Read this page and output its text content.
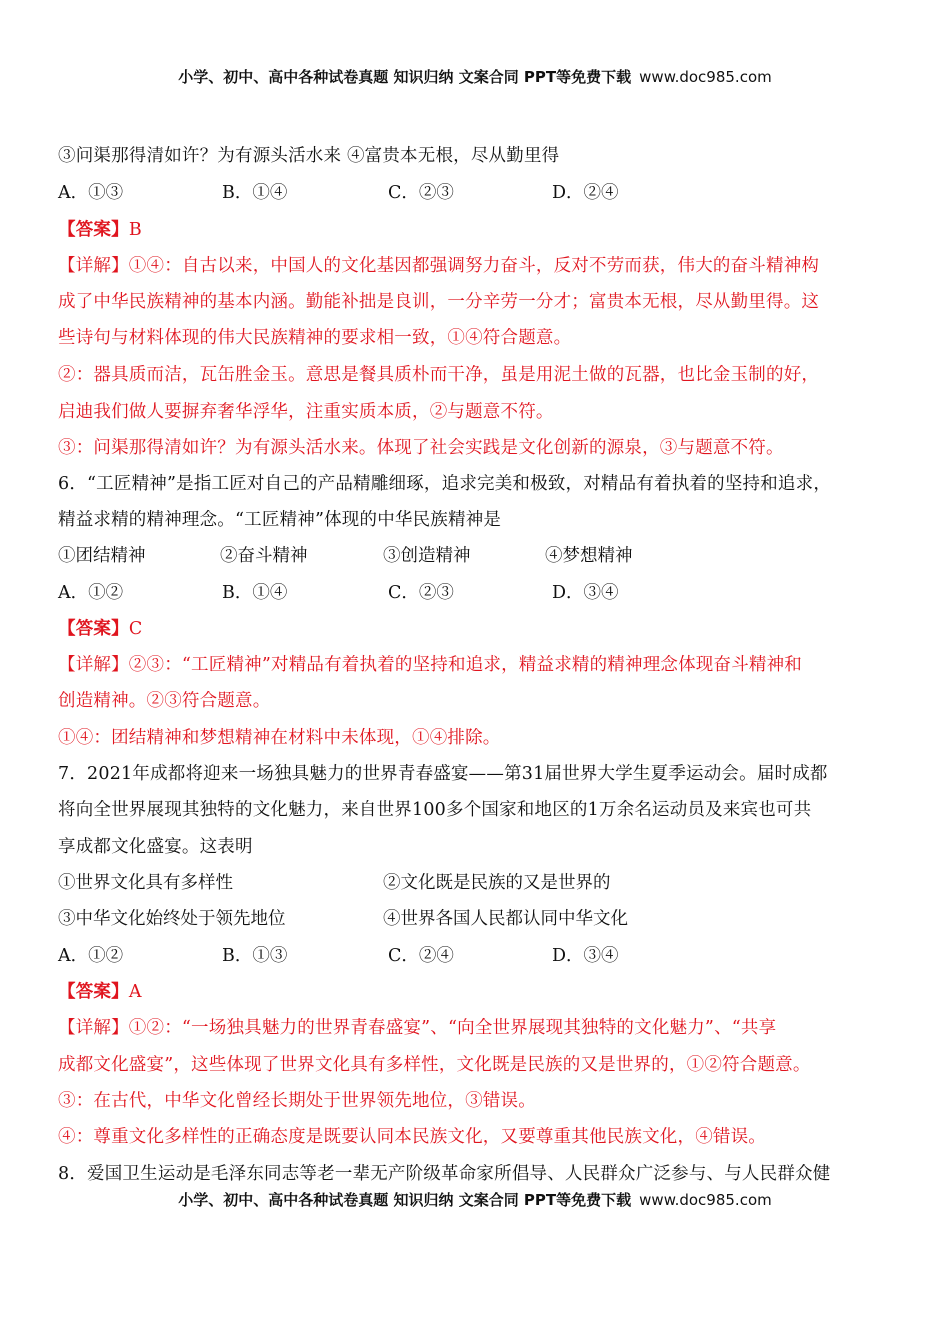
小学、初中、高中各种试卷真题 知识归纳 文案合同 PPT等免费下载 www.doc985.com
③问渠那得清如许？为有源头活水来 ④富贵本无根，尽从勤里得
A．①③	B．①④	C．②③	D．②④
【答案】B
【详解】①④：自古以来，中国人的文化基因都强调努力奋斗，反对不劳而获，伟大的奋斗精神构
成了中华民族精神的基本内涵。勤能补拙是良训，一分辛劳一分才；富贵本无根，尽从勤里得。这
些诗句与材料体现的伟大民族精神的要求相一致，①④符合题意。
②：器具质而洁，瓦缶胜金玉。意思是餐具质朴而干净，虽是用泥土做的瓦器，也比金玉制的好，
启迪我们做人要摒弃奢华浮华，注重实质本质，②与题意不符。
③：问渠那得清如许？为有源头活水来。体现了社会实践是文化创新的源泉，③与题意不符。
6．“工匠精神”是指工匠对自己的产品精雕细琢，追求完美和极致，对精品有着执着的坚持和追求，
精益求精的精神理念。“工匠精神”体现的中华民族精神是
①团结精神	②奋斗精神	③创造精神	④梦想精神
A．①②	B．①④	C．②③	D．③④
【答案】C
【详解】②③：“工匠精神”对精品有着执着的坚持和追求，精益求精的精神理念体现奋斗精神和
创造精神。②③符合题意。
①④：团结精神和梦想精神在材料中未体现，①④排除。
7．2021年成都将迎来一场独具魅力的世界青春盛宴——第31届世界大学生夏季运动会。届时成都
将向全世界展现其独特的文化魅力，来自世界100多个国家和地区的1万余名运动员及来宾也可共
享成都文化盛宴。这表明
①世界文化具有多样性	②文化既是民族的又是世界的
③中华文化始终处于领先地位	④世界各国人民都认同中华文化
A．①②	B．①③	C．②④	D．③④
【答案】A
【详解】①②：“一场独具魅力的世界青春盛宴”、“向全世界展现其独特的文化魅力”、“共享
成都文化盛宴”，这些体现了世界文化具有多样性，文化既是民族的又是世界的，①②符合题意。
③：在古代，中华文化曾经长期处于世界领先地位，③错误。
④：尊重文化多样性的正确态度是既要认同本民族文化，又要尊重其他民族文化，④错误。
8．爱国卫生运动是毛泽东同志等老一辈无产阶级革命家所倡导、人民群众广泛参与、与人民群众健
小学、初中、高中各种试卷真题 知识归纳 文案合同 PPT等免费下载 www.doc985.com
